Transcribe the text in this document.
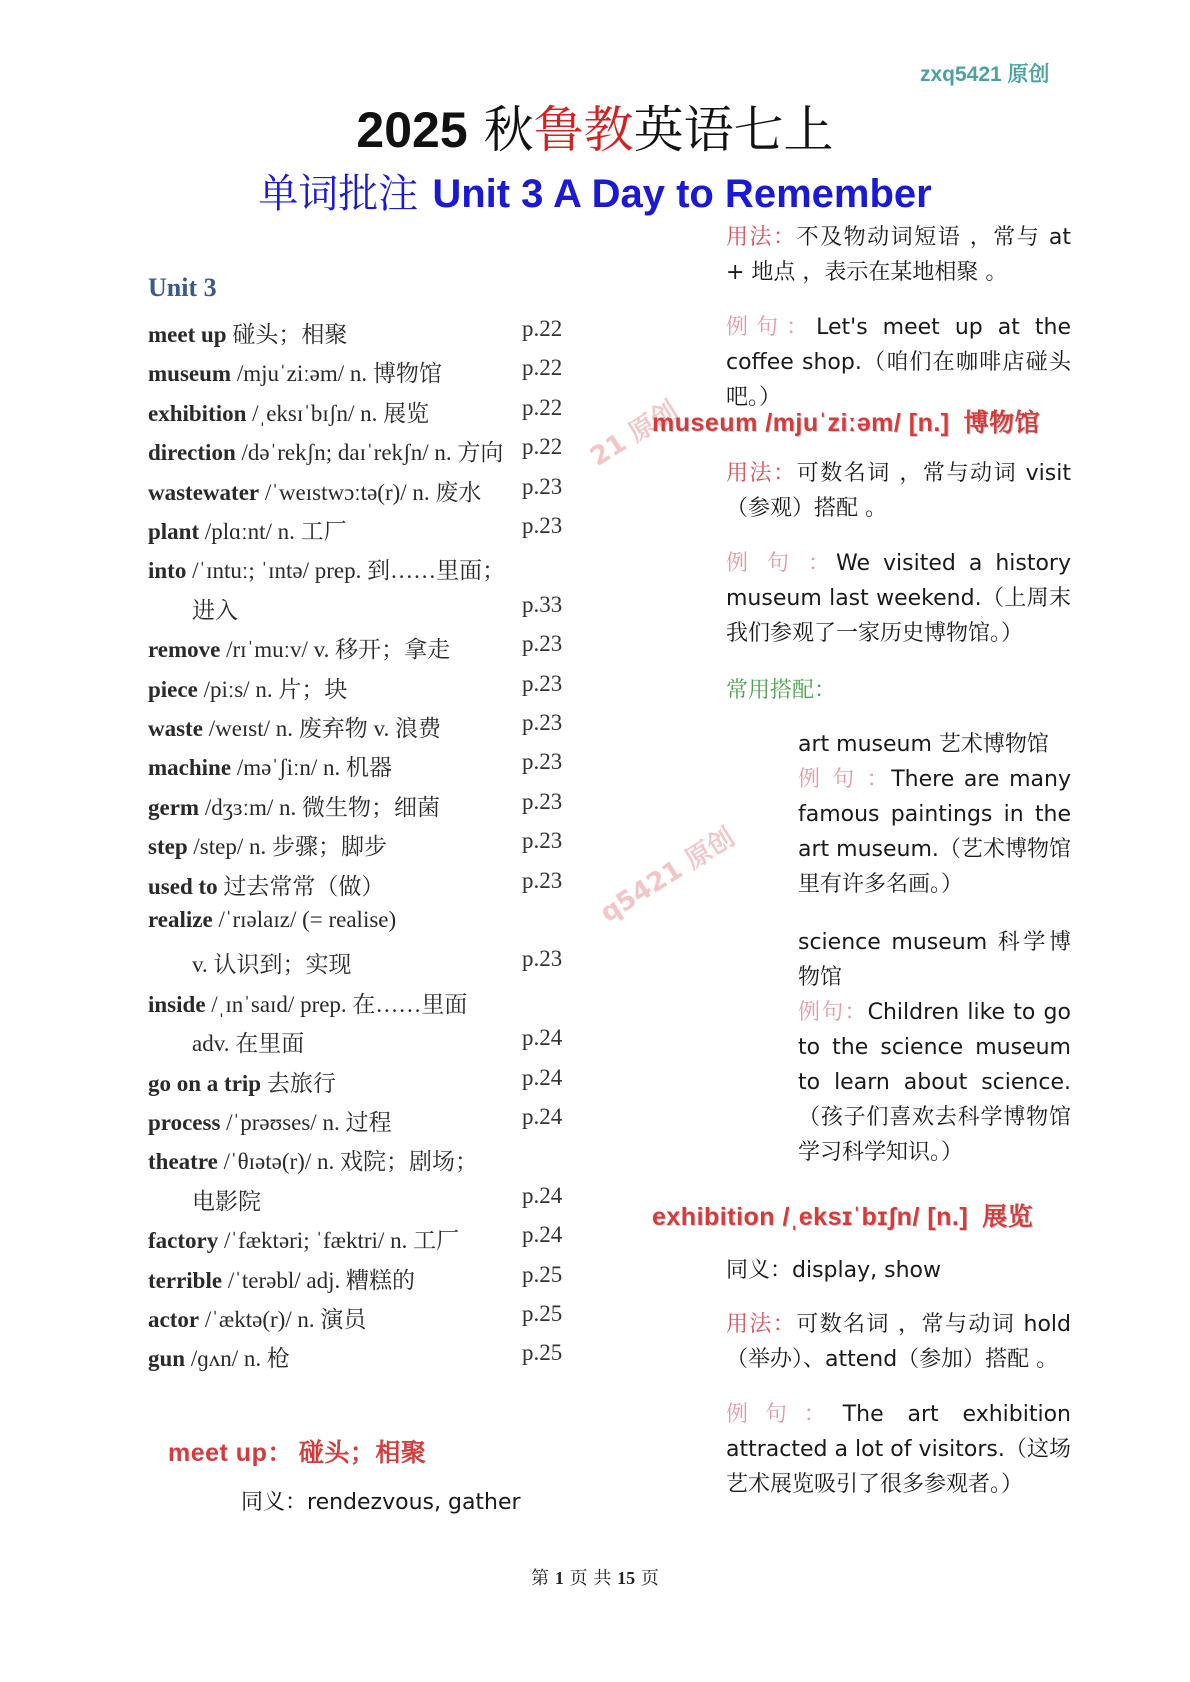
zxq5421 原创
2025 秋鲁教英语七上
单词批注 Unit 3 A Day to Remember
Unit 3
meet up 碰头；相聚	p.22
museum /mjuˈziːəm/ n. 博物馆	p.22
exhibition /ˌeksɪˈbɪʃn/ n. 展览	p.22
direction /dəˈrekʃn; daɪˈrekʃn/ n. 方向 p.22
wastewater /ˈweɪstwɔːtə(r)/ n. 废水 p.23
plant /plɑːnt/ n. 工厂	p.23
into /ˈɪntuː; ˈɪntə/ prep. 到……里面；
进入	p.33
remove /rɪˈmuːv/ v. 移开；拿走	p.23
piece /piːs/ n. 片；块	p.23
waste /weɪst/ n. 废弃物 v. 浪费	p.23
machine /məˈʃiːn/ n. 机器	p.23
germ /dʒɜːm/ n. 微生物；细菌	p.23
step /step/ n. 步骤；脚步	p.23
used to 过去常常（做）	p.23
realize /ˈrɪəlaɪz/ (= realise)
v. 认识到；实现	p.23
inside /ˌɪnˈsaɪd/ prep. 在……里面
adv. 在里面	p.24
go on a trip 去旅行	p.24
process /ˈprəʊses/ n. 过程	p.24
theatre /ˈθɪətə(r)/ n. 戏院；剧场；
电影院	p.24
factory /ˈfæktəri; ˈfæktri/ n. 工厂	p.24
terrible /ˈterəbl/ adj. 糟糕的	p.25
actor /ˈæktə(r)/ n. 演员	p.25
gun /ɡʌn/ n. 枪	p.25
21 原创
q5421 原创
用法：不及物动词短语 ，常与 at + 地点 ，表示在某地相聚 。
例句：Let's meet up at the coffee shop.（咱们在咖啡店碰头吧。）
museum /mjuˈziːəm/ [n.] 博物馆
用法：可数名词 ，常与动词 visit（参观）搭配 。
例 句 ：We visited a history museum last weekend.（上周末我们参观了一家历史博物馆。）
常用搭配：
art museum 艺术博物馆
例 句 ：There are many famous paintings in the art museum.（艺术博物馆里有许多名画。）
science museum 科学博物馆
例句：Children like to go to the science museum to learn about science.（孩子们喜欢去科学博物馆学习科学知识。）
exhibition /ˌeksɪˈbɪʃn/ [n.] 展览
同义：display, show
用法：可数名词 ，常与动词 hold（举办）、attend（参加）搭配 。
例句：The art exhibition attracted a lot of visitors.（这场艺术展览吸引了很多参观者。）
meet up： 碰头；相聚
同义：rendezvous, gather
第 1 页 共 15 页
